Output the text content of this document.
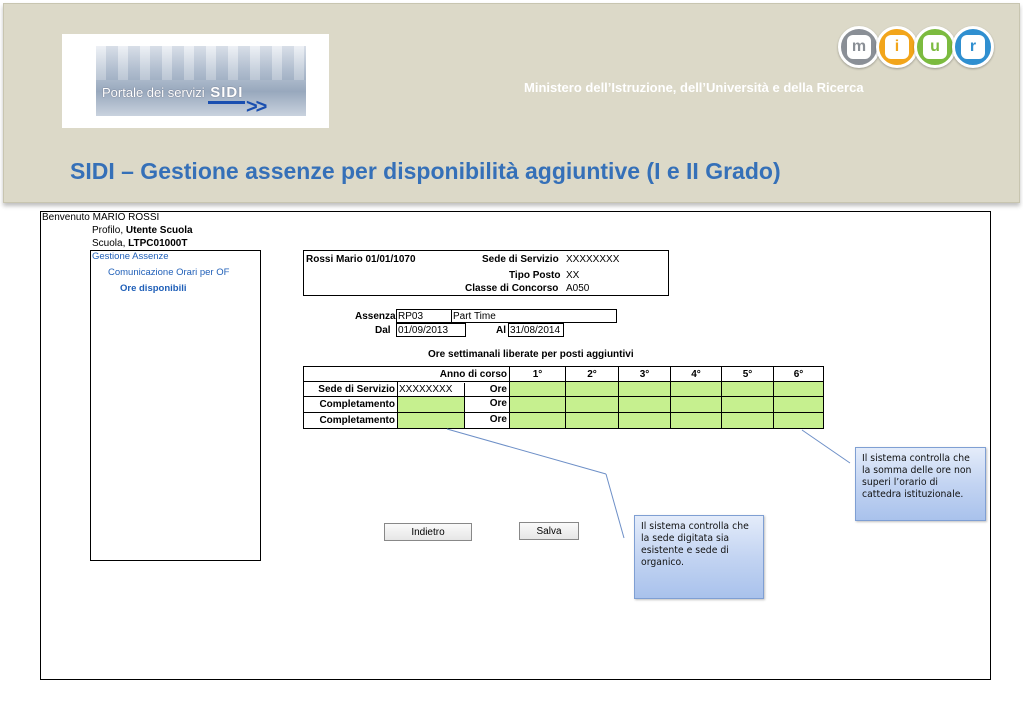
Portale dei servizi SIDI
>>
Ministero dell’Istruzione, dell’Università e della Ricerca
m	i	u	r
SIDI – Gestione assenze per disponibilità aggiuntive (I e II Grado)
Benvenuto MARIO ROSSI
Profilo, Utente Scuola
Scuola, LTPC01000T
Gestione Assenze
Comunicazione Orari per OF
Ore disponibili
Rossi Mario 01/01/1070	Sede di Servizio XXXXXXXX
Tipo Posto XX
Classe di Concorso A050
Assenza RP03	Part Time
Dal 01/09/2013	Al 31/08/2014
Ore settimanali liberate per posti aggiuntivi
Anno di corso		1°	2°	3°	4°	5°	6°
Sede di Servizio	XXXXXXXX Ore						

Completamento	Ore						

Completamento	Ore						

Indietro	Salva	Il sistema controlla che la sede digitata sia esistente e sede di organico.
Il sistema controlla che la somma delle ore non superi l’orario di cattedra istituzionale.
